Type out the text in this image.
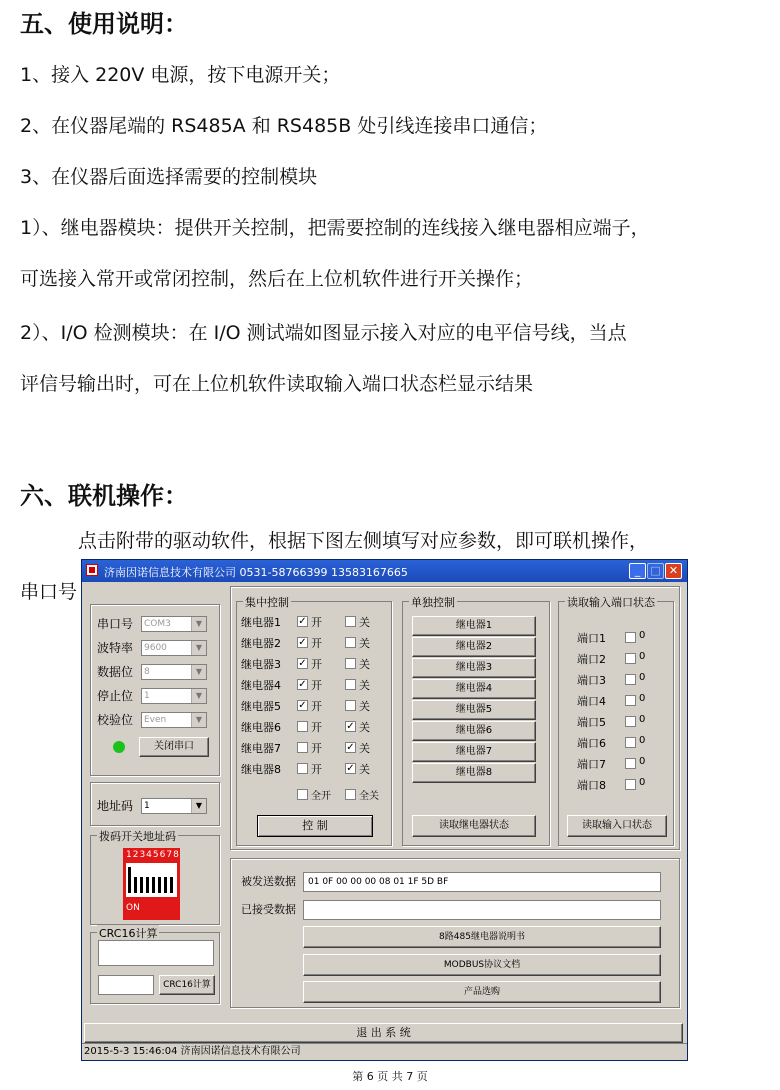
五、使用说明：
1、接入 220V 电源，按下电源开关；
2、在仪器尾端的 RS485A 和 RS485B 处引线连接串口通信；
3、在仪器后面选择需要的控制模块
1）、继电器模块：提供开关控制，把需要控制的连线接入继电器相应端子，
可选接入常开或常闭控制，然后在上位机软件进行开关操作；
2）、I/O 检测模块：在 I/O 测试端如图显示接入对应的电平信号线，当点
评信号输出时，可在上位机软件读取输入端口状态栏显示结果
六、联机操作：
点击附带的驱动软件，根据下图左侧填写对应参数，即可联机操作，
串口号
第 6 页 共 7 页
济南因诺信息技术有限公司 0531-58766399 13583167665	_ □ ✕
串口号	COM3	▼
波特率	9600	▼
数据位	8	▼
停止位	1	▼
校验位	Even	▼
关闭串口
地址码	1	▼
拨码开关地址码
12345678
ON
CRC16计算
CRC16计算
集中控制
继电器1 ✓ 开	关
继电器2 ✓ 开	关
继电器3 ✓ 开	关
继电器4 ✓ 开	关
继电器5 ✓ 开	关
继电器6	开 ✓ 关
继电器7	开 ✓ 关
继电器8	开 ✓ 关
全开	全关
控 制
单独控制
继电器1
继电器2
继电器3
继电器4
继电器5
继电器6
继电器7
继电器8
读取继电器状态
读取输入端口状态
端口1	0
端口2	0
端口3	0
端口4	0
端口5	0
端口6	0
端口7	0
端口8	0
读取输入口状态
被发送数据	01 0F 00 00 00 08 01 1F 5D BF
已接受数据
8路485继电器说明书
MODBUS协议文档
产品选购
退 出 系 统
2015-5-3 15:46:04 济南因诺信息技术有限公司
